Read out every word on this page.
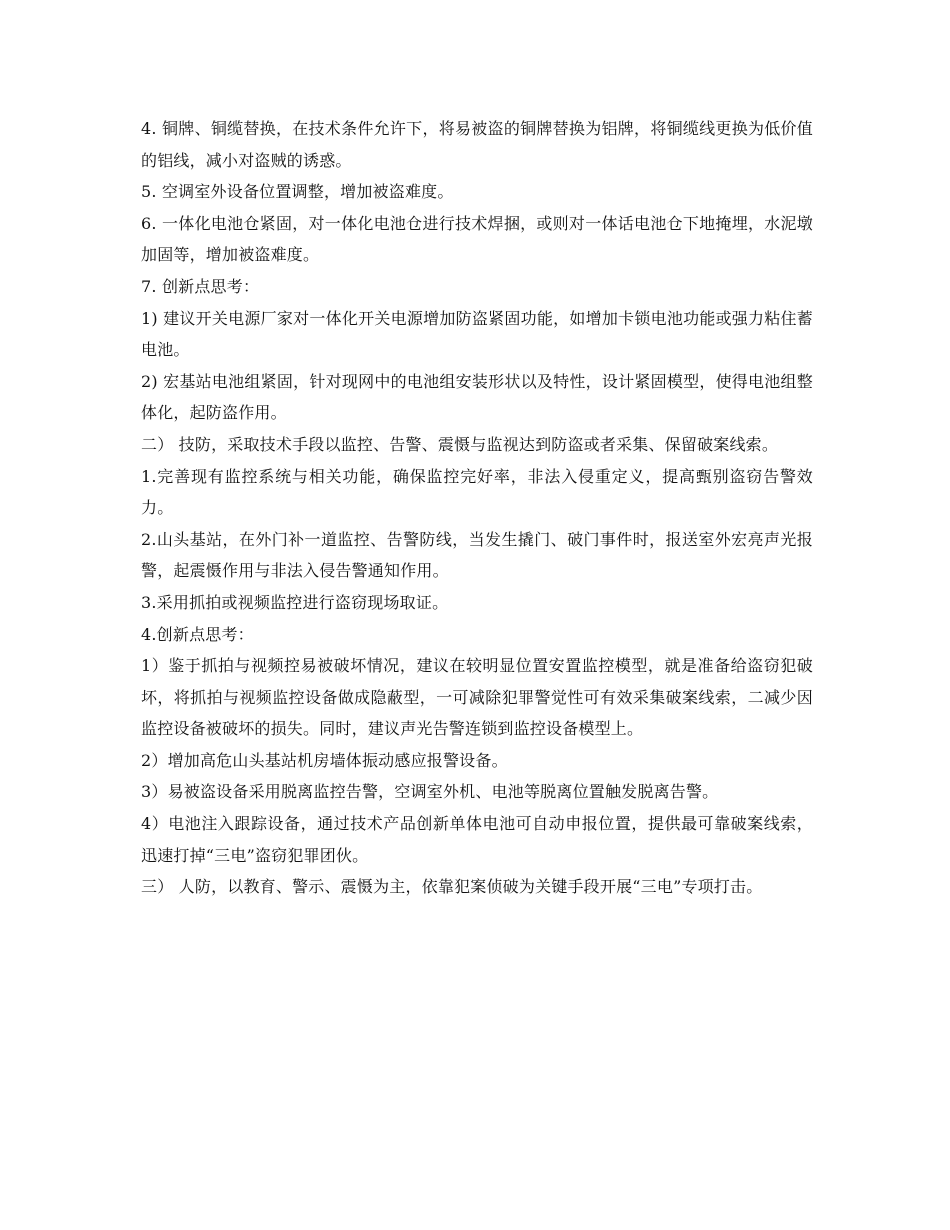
4. 铜牌、铜缆替换，在技术条件允许下，将易被盗的铜牌替换为铝牌，将铜缆线更换为低价值的铝线，减小对盗贼的诱惑。

5. 空调室外设备位置调整，增加被盗难度。

6. 一体化电池仓紧固，对一体化电池仓进行技术焊捆，或则对一体话电池仓下地掩埋，水泥墩加固等，增加被盗难度。

7. 创新点思考：

1) 建议开关电源厂家对一体化开关电源增加防盗紧固功能，如增加卡锁电池功能或强力粘住蓄电池。

2) 宏基站电池组紧固，针对现网中的电池组安装形状以及特性，设计紧固模型，使得电池组整体化，起防盗作用。

二） 技防，采取技术手段以监控、告警、震慑与监视达到防盗或者采集、保留破案线索。

1.完善现有监控系统与相关功能，确保监控完好率，非法入侵重定义，提高甄别盗窃告警效力。

2.山头基站，在外门补一道监控、告警防线，当发生撬门、破门事件时，报送室外宏亮声光报警，起震慑作用与非法入侵告警通知作用。

3.采用抓拍或视频监控进行盗窃现场取证。

4.创新点思考：

1）鉴于抓拍与视频控易被破坏情况，建议在较明显位置安置监控模型，就是准备给盗窃犯破坏，将抓拍与视频监控设备做成隐蔽型，一可减除犯罪警觉性可有效采集破案线索，二减少因监控设备被破坏的损失。同时，建议声光告警连锁到监控设备模型上。

2）增加高危山头基站机房墙体振动感应报警设备。

3）易被盗设备采用脱离监控告警，空调室外机、电池等脱离位置触发脱离告警。

4）电池注入跟踪设备，通过技术产品创新单体电池可自动申报位置，提供最可靠破案线索，迅速打掉“三电”盗窃犯罪团伙。

三） 人防，以教育、警示、震慑为主，依靠犯案侦破为关键手段开展“三电”专项打击。
